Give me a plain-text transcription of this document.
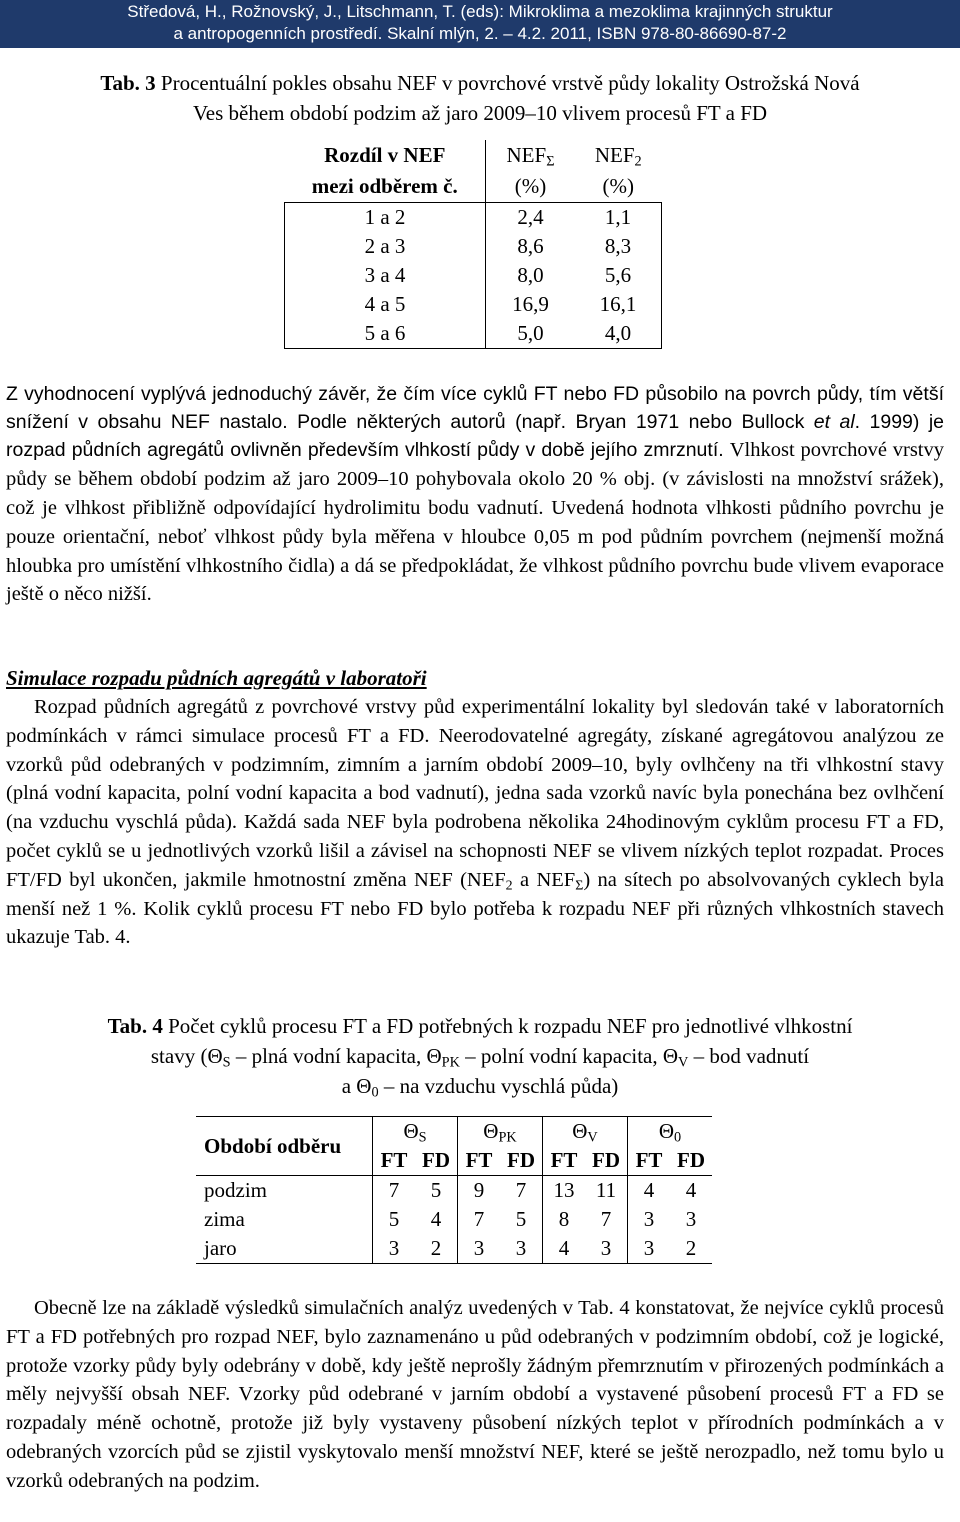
Středová, H., Rožnovský, J., Litschmann, T. (eds): Mikroklima a mezoklima krajinných struktur
a antropogenních prostředí. Skalní mlýn, 2. – 4.2. 2011, ISBN 978-80-86690-87-2
Tab. 3 Procentuální pokles obsahu NEF v povrchové vrstvě půdy lokality Ostrožská Nová
Ves během období podzim až jaro 2009–10 vlivem procesů FT a FD
Rozdíl v NEF	$NEF_\Sigma$	$NEF_2$
mezi odběrem č.	(%)	(%)
1 a 2	2,4	1,1
2 a 3	8,6	8,3
3 a 4	8,0	5,6
4 a 5	16,9	16,1
5 a 6	5,0	4,0
Z vyhodnocení vyplývá jednoduchý závěr, že čím více cyklů FT nebo FD působilo na povrch půdy, tím větší snížení v obsahu NEF nastalo. Podle některých autorů (např. Bryan 1971 nebo Bullock et al. 1999) je rozpad půdních agregátů ovlivněn především vlhkostí půdy v době jejího zmrznutí. Vlhkost povrchové vrstvy půdy se během období podzim až jaro 2009–10 pohybovala okolo 20 % obj. (v závislosti na množství srážek), což je vlhkost přibližně odpovídající hydrolimitu bodu vadnutí. Uvedená hodnota vlhkosti půdního povrchu je pouze orientační, neboť vlhkost půdy byla měřena v hloubce 0,05 m pod půdním povrchem (nejmenší možná hloubka pro umístění vlhkostního čidla) a dá se předpokládat, že vlhkost půdního povrchu bude vlivem evaporace ještě o něco nižší.
Simulace rozpadu půdních agregátů v laboratoři
Rozpad půdních agregátů z povrchové vrstvy půd experimentální lokality byl sledován také v laboratorních podmínkách v rámci simulace procesů FT a FD. Neerodovatelné agregáty, získané agregátovou analýzou ze vzorků půd odebraných v podzimním, zimním a jarním období 2009–10, byly ovlhčeny na tři vlhkostní stavy (plná vodní kapacita, polní vodní kapacita a bod vadnutí), jedna sada vzorků navíc byla ponechána bez ovlhčení (na vzduchu vyschlá půda). Každá sada NEF byla podrobena několika 24hodinovým cyklům procesu FT a FD, počet cyklů se u jednotlivých vzorků lišil a závisel na schopnosti NEF se vlivem nízkých teplot rozpadat. Proces FT/FD byl ukončen, jakmile hmotnostní změna NEF ($NEF_2$ a $NEF_\Sigma$) na sítech po absolvovaných cyklech byla menší než 1 %. Kolik cyklů procesu FT nebo FD bylo potřeba k rozpadu NEF při různých vlhkostních stavech ukazuje Tab. 4.
Tab. 4 Počet cyklů procesu FT a FD potřebných k rozpadu NEF pro jednotlivé vlhkostní
stavy ($\Theta_S$ – plná vodní kapacita, $\Theta_{PK}$ – polní vodní kapacita, $\Theta_V$ – bod vadnutí
a $\Theta_0$ – na vzduchu vyschlá půda)
Období odběru	$\Theta_S$		$\Theta_{PK}$		$\Theta_V$		$\Theta_0$
	FT	FD	FT	FD	FT	FD	FT	FD
podzim	7	5	9	7	13	11	4	4
zima	5	4	7	5	8	7	3	3
jaro	3	2	3	3	4	3	3	2
Obecně lze na základě výsledků simulačních analýz uvedených v Tab. 4 konstatovat, že nejvíce cyklů procesů FT a FD potřebných pro rozpad NEF, bylo zaznamenáno u půd odebraných v podzimním období, což je logické, protože vzorky půdy byly odebrány v době, kdy ještě neprošly žádným přemrznutím v přirozených podmínkách a měly nejvyšší obsah NEF. Vzorky půd odebrané v jarním období a vystavené působení procesů FT a FD se rozpadaly méně ochotně, protože již byly vystaveny působení nízkých teplot v přírodních podmínkách a v odebraných vzorcích půd se zjistil vyskytovalo menší množství NEF, které se ještě nerozpadlo, než tomu bylo u vzorků odebraných na podzim.
